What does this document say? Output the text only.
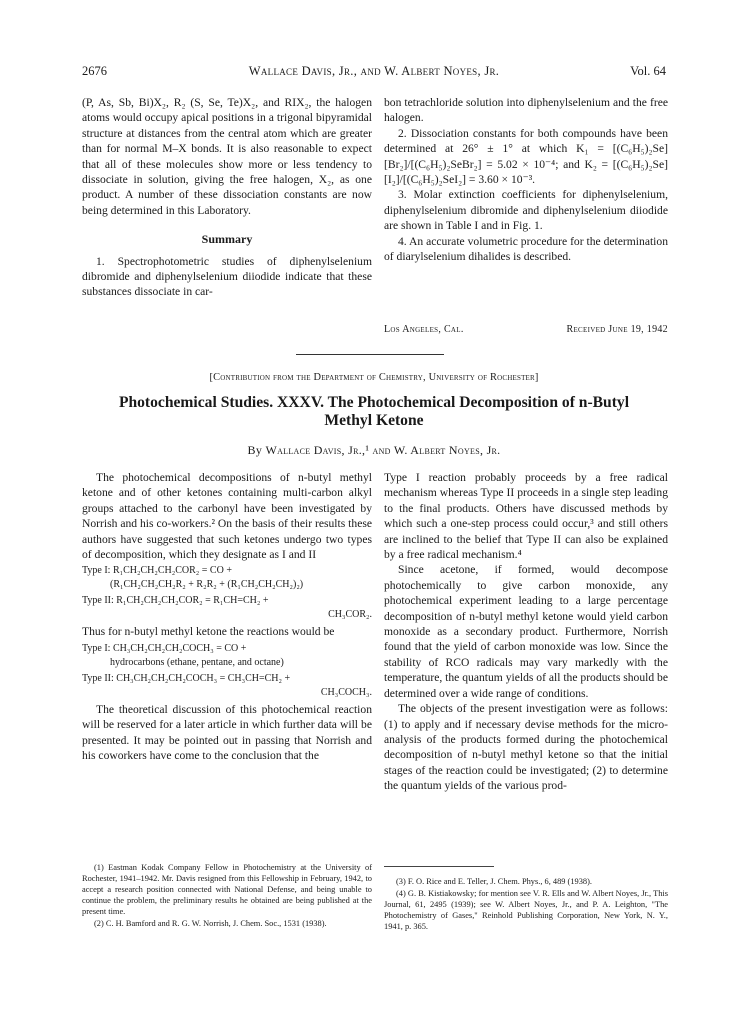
2676	Wallace Davis, Jr., and W. Albert Noyes, Jr.	Vol. 64

(P, As, Sb, Bi)X₂, R₂ (S, Se, Te)X₂, and RIX₂, the halogen atoms would occupy apical positions in a trigonal bipyramidal structure at distances from the central atom which are greater than for normal M–X bonds. It is also reasonable to expect that all of these molecules show more or less tendency to dissociate in solution, giving the free halogen, X₂, as one product. A number of these dissociation constants are now being determined in this Laboratory.

Summary

1. Spectrophotometric studies of diphenylselenium dibromide and diphenylselenium diiodide indicate that these substances dissociate in car-

bon tetrachloride solution into diphenylselenium and the free halogen.

2. Dissociation constants for both compounds have been determined at 26° ± 1° at which K₁ = [(C₆H₅)₂Se][Br₂]/[(C₆H₅)₂SeBr₂] = 5.02 × 10⁻⁴; and K₂ = [(C₆H₅)₂Se][I₂]/[(C₆H₅)₂SeI₂] = 3.60 × 10⁻³.

3. Molar extinction coefficients for diphenylselenium, diphenylselenium dibromide and diphenylselenium diiodide are shown in Table I and in Fig. 1.

4. An accurate volumetric procedure for the determination of diarylselenium dihalides is described.

Los Angeles, Cal.	Received June 19, 1942
[Contribution from the Department of Chemistry, University of Rochester]
Photochemical Studies. XXXV. The Photochemical Decomposition of n-Butyl
Methyl Ketone
By Wallace Davis, Jr.,¹ and W. Albert Noyes, Jr.

The photochemical decompositions of n-butyl methyl ketone and of other ketones containing multi-carbon alkyl groups attached to the carbonyl have been investigated by Norrish and his co-workers.² On the basis of their results these authors have suggested that such ketones undergo two types of decomposition, which they designate as I and II

Type I: R₁CH₂CH₂CH₂COR₂ = CO +
(R₁CH₂CH₂CH₂R₂ + R₂R₂ + (R₁CH₂CH₂CH₂)₂)
Type II: R₁CH₂CH₂CH₂COR₂ = R₁CH=CH₂ +
CH₃COR₂.

Thus for n-butyl methyl ketone the reactions would be

Type I: CH₃CH₂CH₂CH₂COCH₃ = CO +
hydrocarbons (ethane, pentane, and octane)
Type II: CH₃CH₂CH₂CH₂COCH₃ = CH₃CH=CH₂ +
CH₃COCH₃.

The theoretical discussion of this photochemical reaction will be reserved for a later article in which further data will be presented. It may be pointed out in passing that Norrish and his coworkers have come to the conclusion that the

Type I reaction probably proceeds by a free radical mechanism whereas Type II proceeds in a single step leading to the final products. Others have discussed methods by which such a one-step process could occur,³ and still others are inclined to the belief that Type II can also be explained by a free radical mechanism.⁴

Since acetone, if formed, would decompose photochemically to give carbon monoxide, any photochemical experiment leading to a large percentage decomposition of n-butyl methyl ketone would yield carbon monoxide as a secondary product. Furthermore, Norrish found that the yield of carbon monoxide was low. Since the stability of RCO radicals may vary markedly with the temperature, the quantum yields of all the products should be determined over a wide range of conditions.

The objects of the present investigation were as follows: (1) to apply and if necessary devise methods for the micro-analysis of the products formed during the photochemical decomposition of n-butyl methyl ketone so that the initial stages of the reaction could be investigated; (2) to determine the quantum yields of the various prod-

(1) Eastman Kodak Company Fellow in Photochemistry at the University of Rochester, 1941–1942. Mr. Davis resigned from this Fellowship in February, 1942, to accept a research position connected with National Defense, and being unable to continue the problem, the preliminary results he obtained are being published at the present time.

(2) C. H. Bamford and R. G. W. Norrish, J. Chem. Soc., 1531 (1938).

(3) F. O. Rice and E. Teller, J. Chem. Phys., 6, 489 (1938).

(4) G. B. Kistiakowsky; for mention see V. R. Ells and W. Albert Noyes, Jr., This Journal, 61, 2495 (1939); see W. Albert Noyes, Jr., and P. A. Leighton, "The Photochemistry of Gases," Reinhold Publishing Corporation, New York, N. Y., 1941, p. 365.
